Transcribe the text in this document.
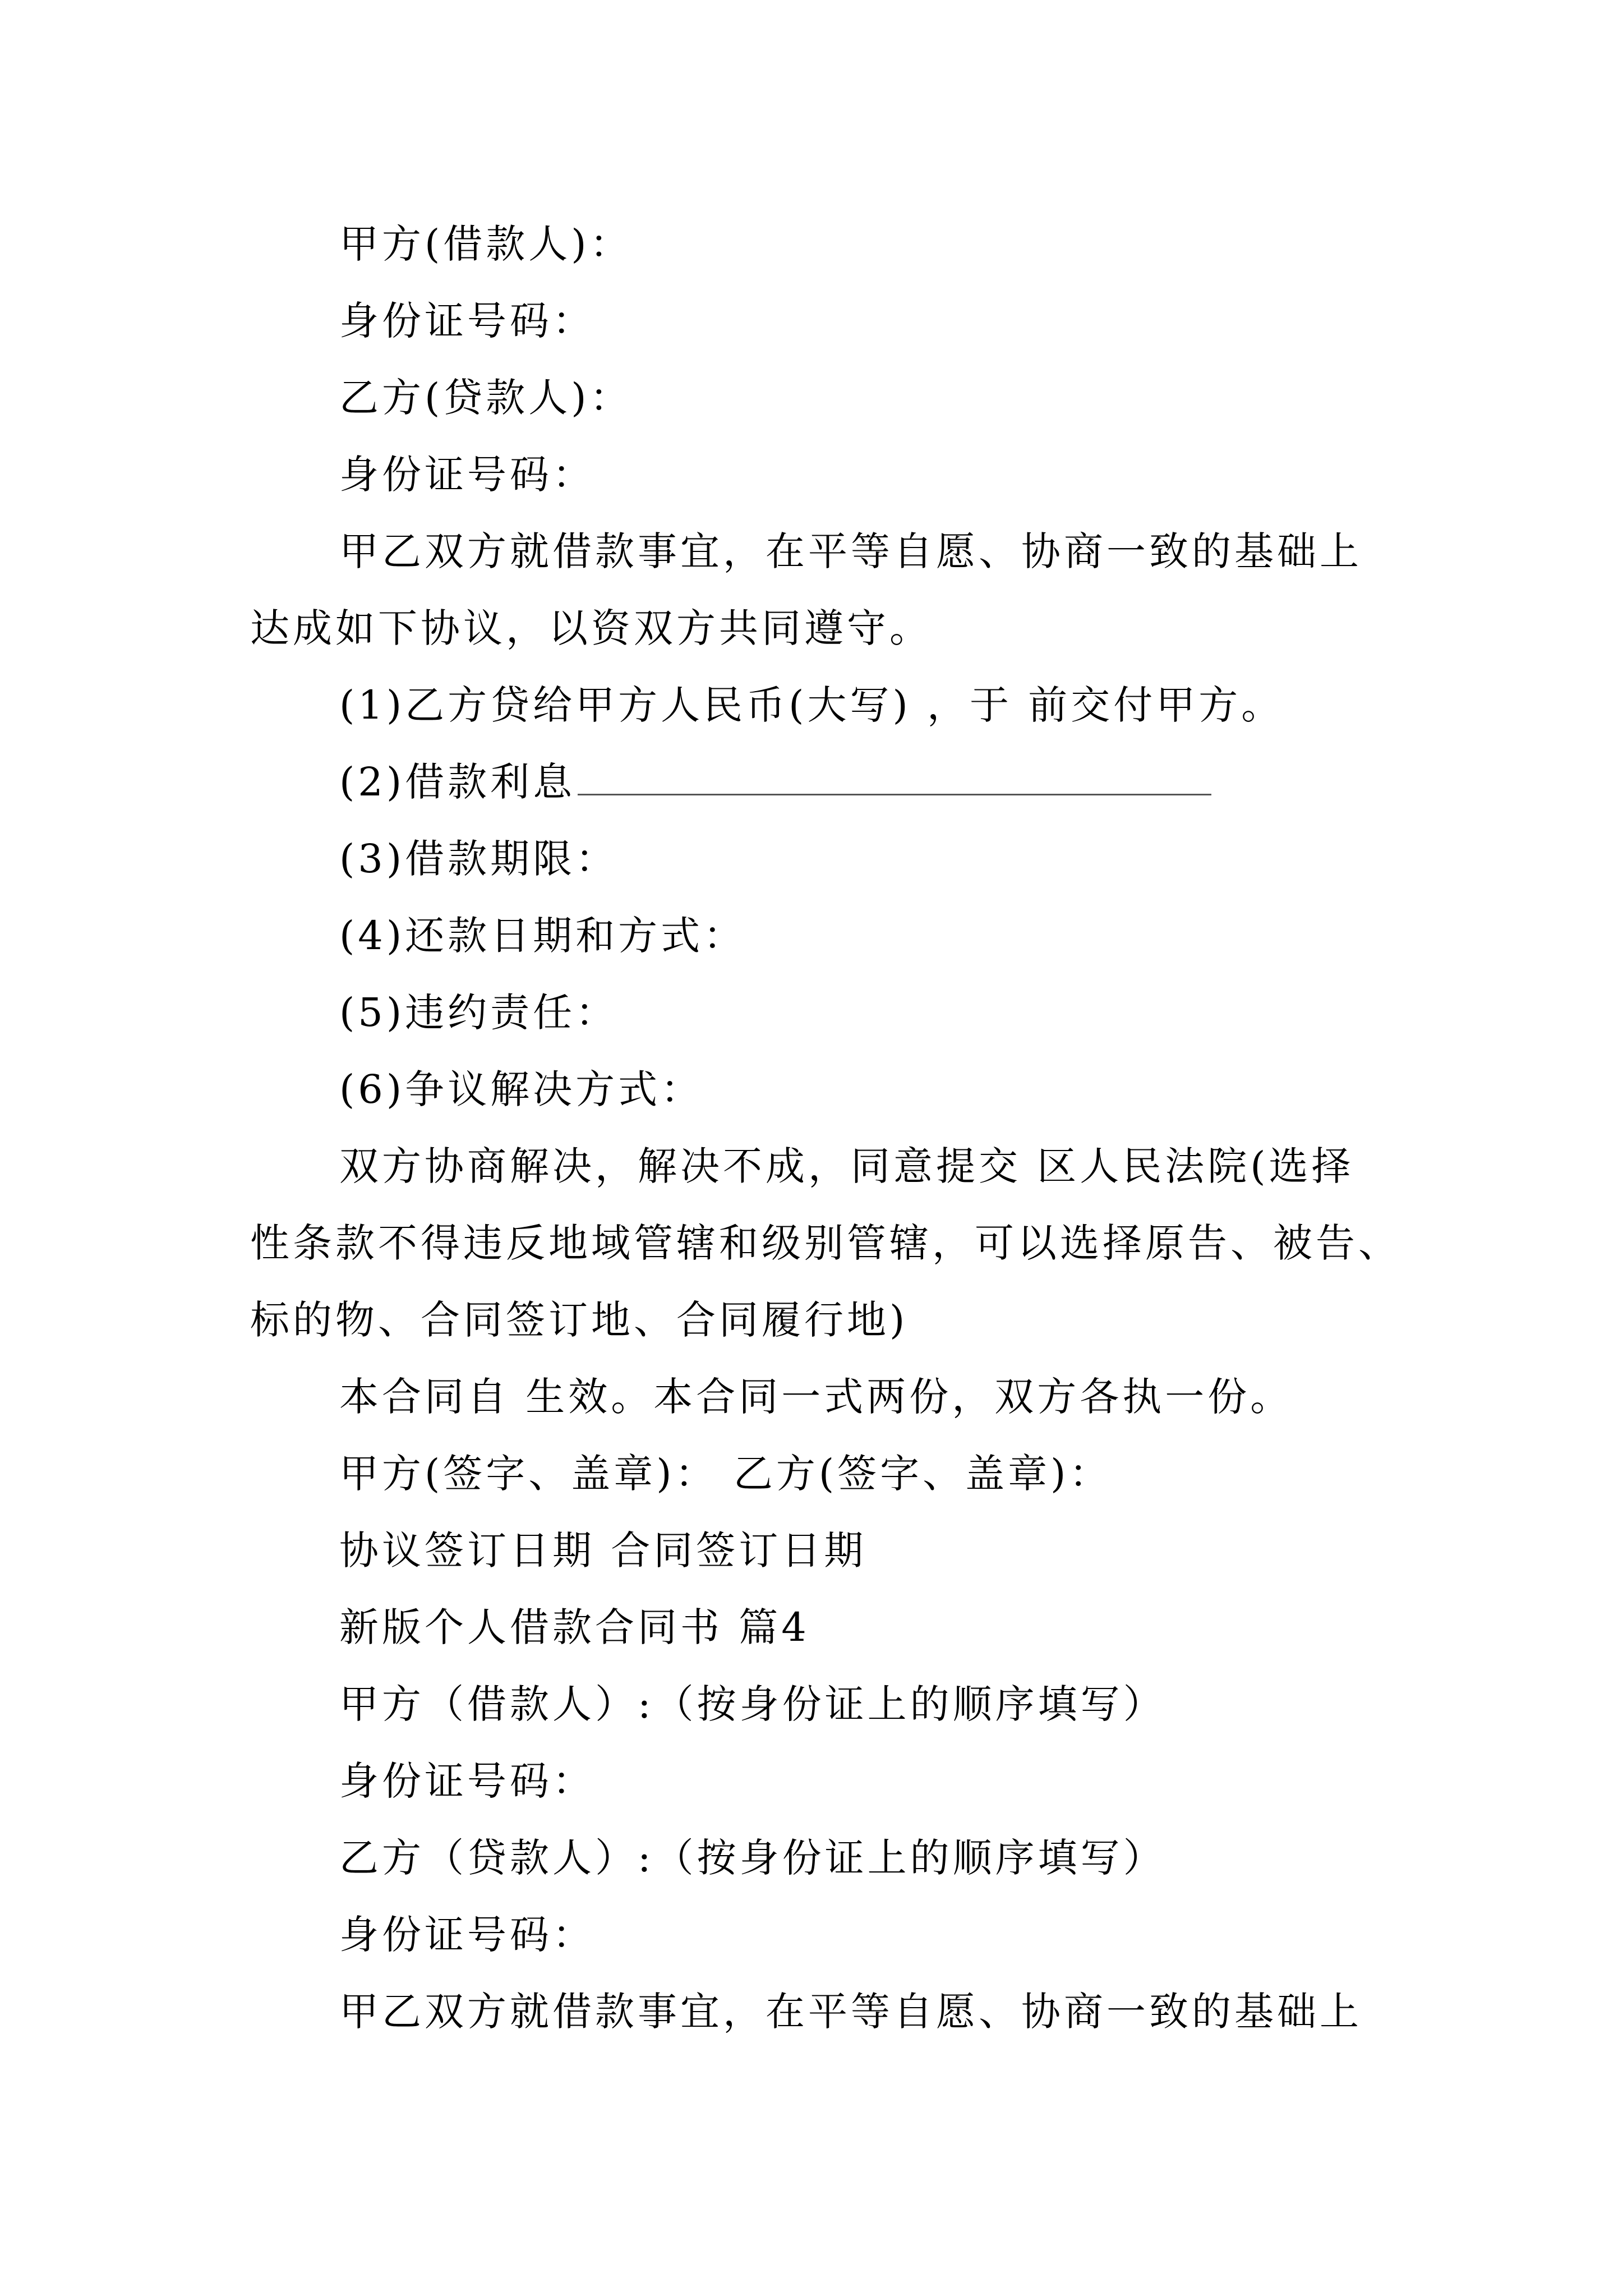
甲方(借款人)：
身份证号码：
乙方(贷款人)：
身份证号码：
甲乙双方就借款事宜，在平等自愿、协商一致的基础上
达成如下协议，以资双方共同遵守。
(1)乙方贷给甲方人民币(大写) ，于 前交付甲方。
(2)借款利息
(3)借款期限：
(4)还款日期和方式：
(5)违约责任：
(6)争议解决方式：
双方协商解决，解决不成，同意提交 区人民法院(选择
性条款不得违反地域管辖和级别管辖，可以选择原告、被告、
标的物、合同签订地、合同履行地)
本合同自 生效。本合同一式两份，双方各执一份。
甲方(签字、盖章)： 乙方(签字、盖章)：
协议签订日期 合同签订日期
新版个人借款合同书 篇4
甲方（借款人）:（按身份证上的顺序填写）
身份证号码：
乙方（贷款人）:（按身份证上的顺序填写）
身份证号码：
甲乙双方就借款事宜，在平等自愿、协商一致的基础上
